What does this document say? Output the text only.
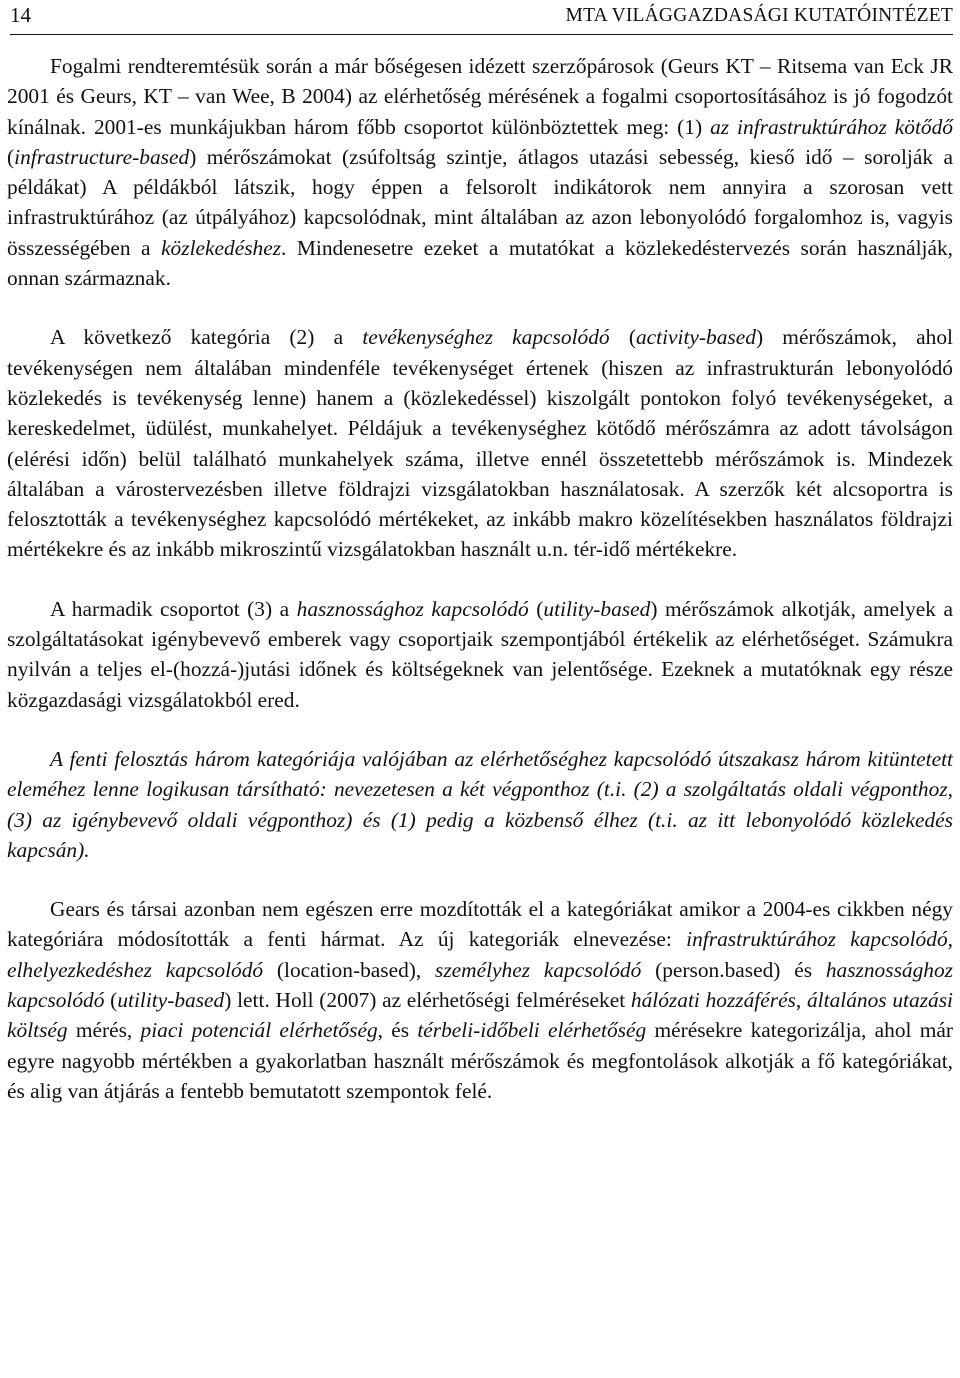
14	MTA VILÁGGAZDASÁGI KUTATÓINTÉZET

Fogalmi rendteremtésük során a már bőségesen idézett szerzőpárosok (Geurs KT – Ritsema van Eck JR 2001 és Geurs, KT – van Wee, B 2004) az elérhetőség mérésének a fogalmi csoportosításához is jó fogodzót kínálnak. 2001-es munkájukban három főbb csoportot különböztettek meg: (1) az infrastruktúrához kötődő (infrastructure-based) mérőszámokat (zsúfoltság szintje, átlagos utazási sebesség, kieső idő – sorolják a példákat) A példákból látszik, hogy éppen a felsorolt indikátorok nem annyira a szorosan vett infrastruktúrához (az útpályához) kapcsolódnak, mint általában az azon lebonyolódó forgalomhoz is, vagyis összességében a közlekedéshez. Mindenesetre ezeket a mutatókat a közlekedéstervezés során használják, onnan származnak.

A következő kategória (2) a tevékenységhez kapcsolódó (activity-based) mérőszámok, ahol tevékenységen nem általában mindenféle tevékenységet értenek (hiszen az infrastrukturán lebonyolódó közlekedés is tevékenység lenne) hanem a (közlekedéssel) kiszolgált pontokon folyó tevékenységeket, a kereskedelmet, üdülést, munkahelyet. Példájuk a tevékenységhez kötődő mérőszámra az adott távolságon (elérési időn) belül található munkahelyek száma, illetve ennél összetettebb mérőszámok is. Mindezek általában a várostervezésben illetve földrajzi vizsgálatokban használatosak. A szerzők két alcsoportra is felosztották a tevékenységhez kapcsolódó mértékeket, az inkább makro közelítésekben használatos földrajzi mértékekre és az inkább mikroszintű vizsgálatokban használt u.n. tér-idő mértékekre.

A harmadik csoportot (3) a hasznossághoz kapcsolódó (utility-based) mérőszámok alkotják, amelyek a szolgáltatásokat igénybevevő emberek vagy csoportjaik szempontjából értékelik az elérhetőséget. Számukra nyilván a teljes el-(hozzá-)jutási időnek és költségeknek van jelentősége. Ezeknek a mutatóknak egy része közgazdasági vizsgálatokból ered.

A fenti felosztás három kategóriája valójában az elérhetőséghez kapcsolódó útszakasz három kitüntetett eleméhez lenne logikusan társítható: nevezetesen a két végponthoz (t.i. (2) a szolgáltatás oldali végponthoz, (3) az igénybevevő oldali végponthoz) és (1) pedig a közbenső élhez (t.i. az itt lebonyolódó közlekedés kapcsán).

Gears és társai azonban nem egészen erre mozdították el a kategóriákat amikor a 2004-es cikkben négy kategóriára módosították a fenti hármat. Az új kategoriák elnevezése: infrastruktúrához kapcsolódó, elhelyezkedéshez kapcsolódó (location-based), személyhez kapcsolódó (person.based) és hasznossághoz kapcsolódó (utility-based) lett. Holl (2007) az elérhetőségi felméréseket hálózati hozzáférés, általános utazási költség mérés, piaci potenciál elérhetőség, és térbeli-időbeli elérhetőség mérésekre kategorizálja, ahol már egyre nagyobb mértékben a gyakorlatban használt mérőszámok és megfontolások alkotják a fő kategóriákat, és alig van átjárás a fentebb bemutatott szempontok felé.
